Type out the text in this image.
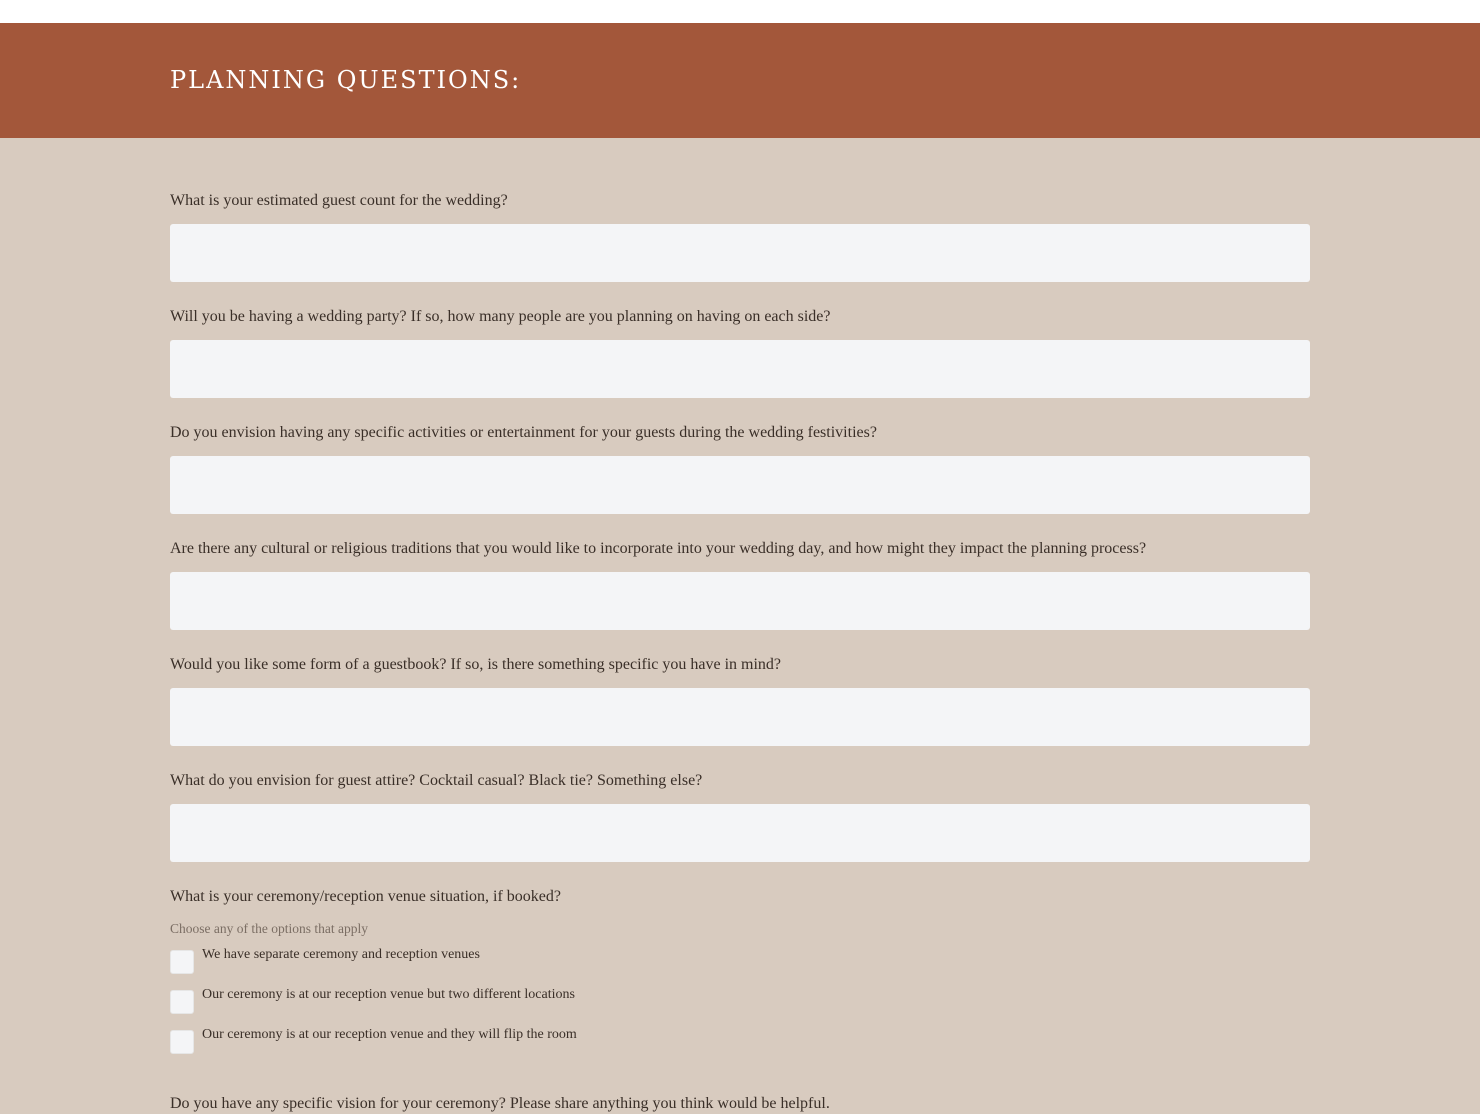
PLANNING QUESTIONS:
What is your estimated guest count for the wedding?
Will you be having a wedding party? If so, how many people are you planning on having on each side?
Do you envision having any specific activities or entertainment for your guests during the wedding festivities?
Are there any cultural or religious traditions that you would like to incorporate into your wedding day, and how might they impact the planning process?
Would you like some form of a guestbook? If so, is there something specific you have in mind?
What do you envision for guest attire? Cocktail casual? Black tie? Something else?
What is your ceremony/reception venue situation, if booked?
Choose any of the options that apply
We have separate ceremony and reception venues
Our ceremony is at our reception venue but two different locations
Our ceremony is at our reception venue and they will flip the room
Do you have any specific vision for your ceremony? Please share anything you think would be helpful.
